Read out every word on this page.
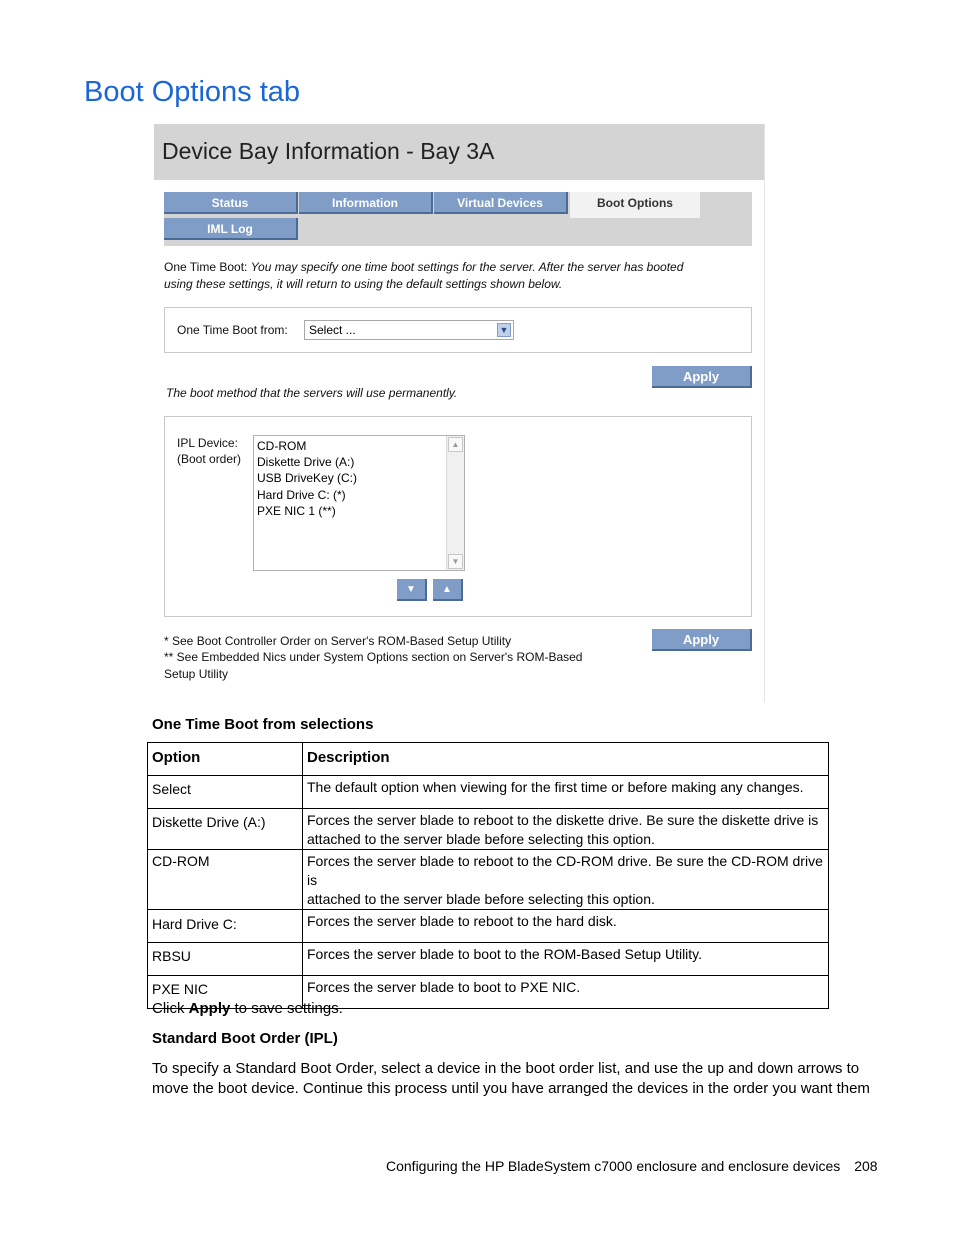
Boot Options tab
Device Bay Information - Bay 3A
Status	Information	Virtual Devices	Boot Options
IML Log
One Time Boot: You may specify one time boot settings for the server. After the server has booted
using these settings, it will return to using the default settings shown below.
One Time Boot from: Select ...	▼
Apply
The boot method that the servers will use permanently.
IPL Device:
(Boot order)
CD-ROM
Diskette Drive (A:)
USB DriveKey (C:)
Hard Drive C: (*)
PXE NIC 1 (**)
▲
▼
▼	▲
* See Boot Controller Order on Server's ROM-Based Setup Utility
** See Embedded Nics under System Options section on Server's ROM-Based
Setup Utility
Apply
One Time Boot from selections
Option	Description
Select	The default option when viewing for the first time or before making any changes.
Diskette Drive (A:)	Forces the server blade to reboot to the diskette drive. Be sure the diskette drive is
attached to the server blade before selecting this option.

CD-ROM	Forces the server blade to reboot to the CD-ROM drive. Be sure the CD-ROM drive is
attached to the server blade before selecting this option.

Hard Drive C:	Forces the server blade to reboot to the hard disk.
RBSU	Forces the server blade to boot to the ROM-Based Setup Utility.
PXE NIC	Forces the server blade to boot to PXE NIC.
Click Apply to save settings.
Standard Boot Order (IPL)
To specify a Standard Boot Order, select a device in the boot order list, and use the up and down arrows to
move the boot device. Continue this process until you have arranged the devices in the order you want them
Configuring the HP BladeSystem c7000 enclosure and enclosure devices 208
